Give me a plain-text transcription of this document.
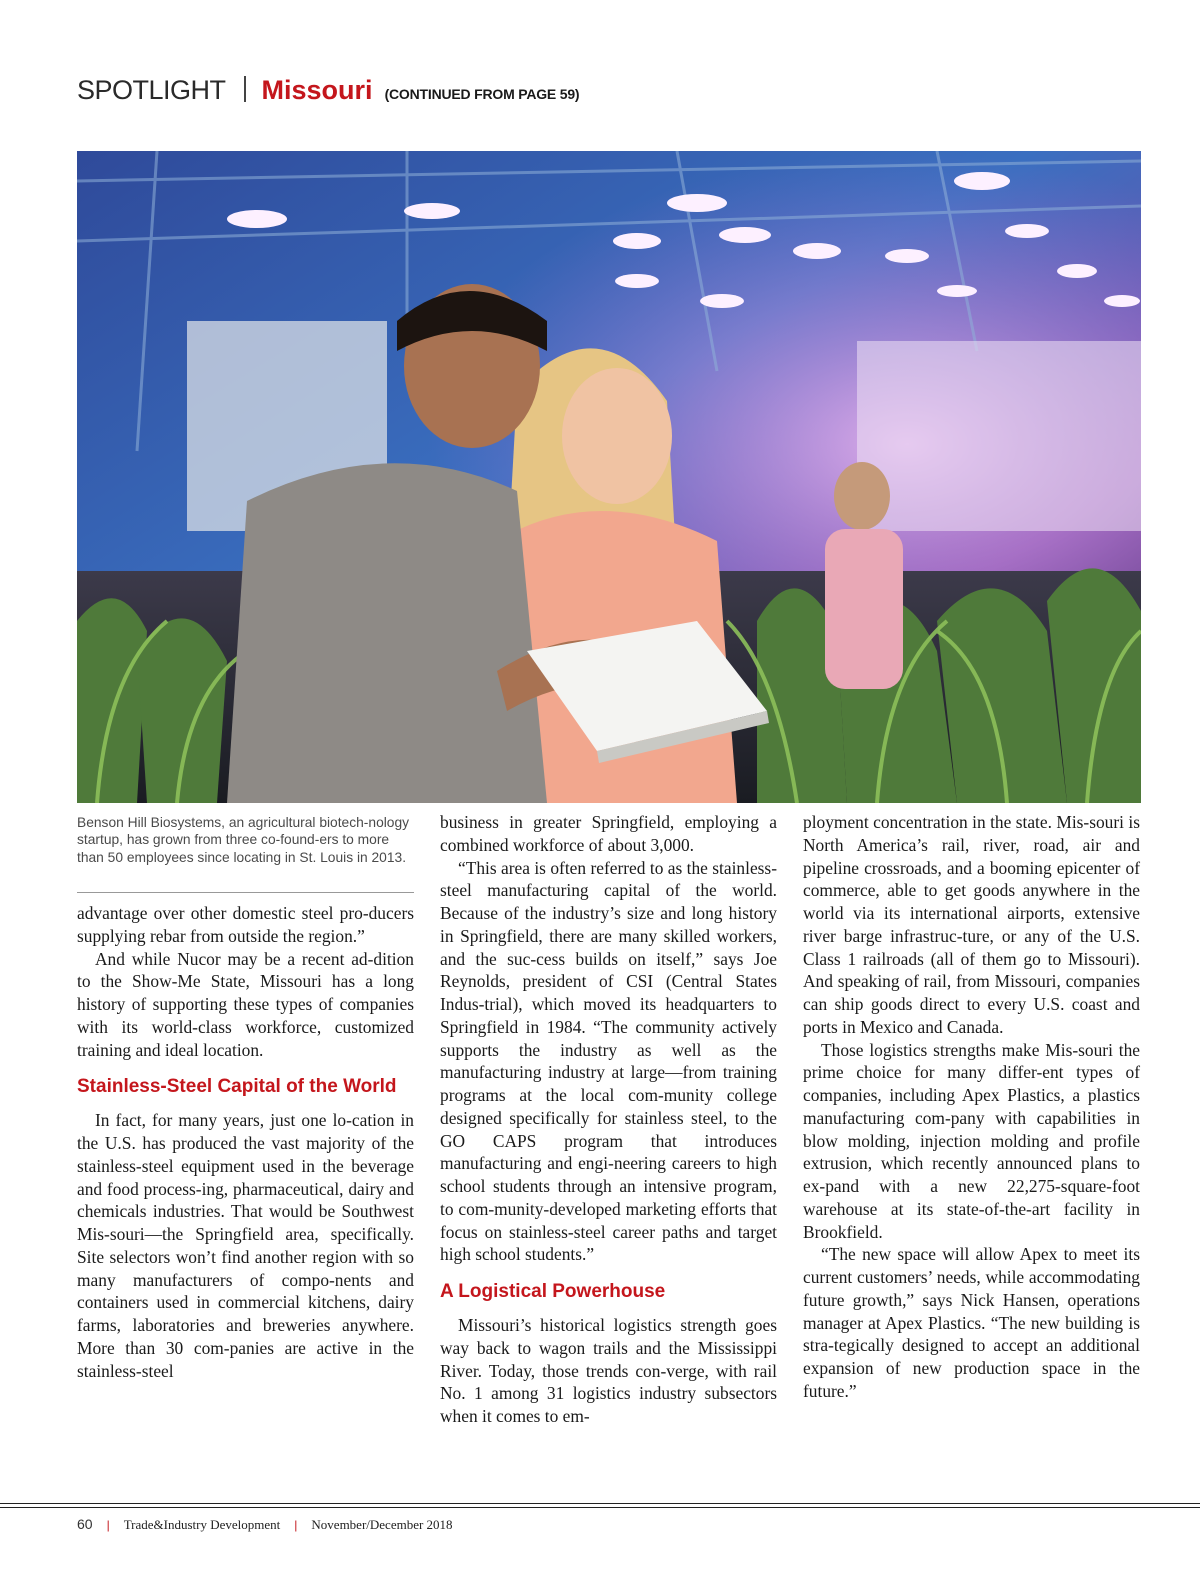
SPOTLIGHT Missouri (CONTINUED FROM PAGE 59)
Benson Hill Biosystems, an agricultural biotech-nology startup, has grown from three co-found-ers to more than 50 employees since locating in St. Louis in 2013.

advantage over other domestic steel pro-ducers supplying rebar from outside the region.”

And while Nucor may be a recent ad-dition to the Show-Me State, Missouri has a long history of supporting these types of companies with its world-class workforce, customized training and ideal location.

Stainless-Steel Capital of the World

In fact, for many years, just one lo-cation in the U.S. has produced the vast majority of the stainless-steel equipment used in the beverage and food process-ing, pharmaceutical, dairy and chemicals industries. That would be Southwest Mis-souri—the Springfield area, specifically. Site selectors won’t find another region with so many manufacturers of compo-nents and containers used in commercial kitchens, dairy farms, laboratories and breweries anywhere. More than 30 com-panies are active in the stainless-steel

business in greater Springfield, employing a combined workforce of about 3,000.

“This area is often referred to as the stainless-steel manufacturing capital of the world. Because of the industry’s size and long history in Springfield, there are many skilled workers, and the suc-cess builds on itself,” says Joe Reynolds, president of CSI (Central States Indus-trial), which moved its headquarters to Springfield in 1984. “The community actively supports the industry as well as the manufacturing industry at large—from training programs at the local com-munity college designed specifically for stainless steel, to the GO CAPS program that introduces manufacturing and engi-neering careers to high school students through an intensive program, to com-munity-developed marketing efforts that focus on stainless-steel career paths and target high school students.”

A Logistical Powerhouse

Missouri’s historical logistics strength goes way back to wagon trails and the Mississippi River. Today, those trends con-verge, with rail No. 1 among 31 logistics industry subsectors when it comes to em-

ployment concentration in the state. Mis-souri is North America’s rail, river, road, air and pipeline crossroads, and a booming epicenter of commerce, able to get goods anywhere in the world via its international airports, extensive river barge infrastruc-ture, or any of the U.S. Class 1 railroads (all of them go to Missouri). And speaking of rail, from Missouri, companies can ship goods direct to every U.S. coast and ports in Mexico and Canada.

Those logistics strengths make Mis-souri the prime choice for many differ-ent types of companies, including Apex Plastics, a plastics manufacturing com-pany with capabilities in blow molding, injection molding and profile extrusion, which recently announced plans to ex-pand with a new 22,275-square-foot warehouse at its state-of-the-art facility in Brookfield.

“The new space will allow Apex to meet its current customers’ needs, while accommodating future growth,” says Nick Hansen, operations manager at Apex Plastics. “The new building is stra-tegically designed to accept an additional expansion of new production space in the future.”

60 | Trade&Industry Development | November/December 2018
